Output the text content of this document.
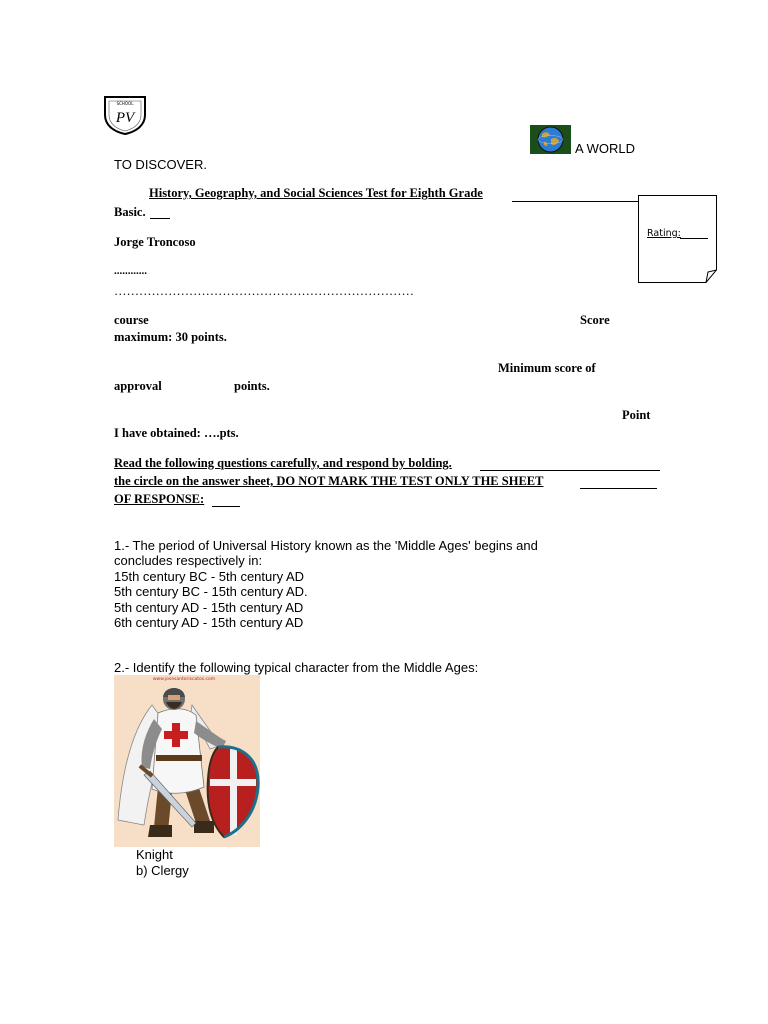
SCHOOL
PV
A WORLD
TO DISCOVER.
History, Geography, and Social Sciences Test for Eighth Grade
Basic.
Rating:
Jorge Troncoso
............
………………………………………………………………
course	Score
maximum: 30 points.
Minimum score of
approval	points.
Point
I have obtained: ….pts.
Read the following questions carefully, and respond by bolding.
the circle on the answer sheet, DO NOT MARK THE TEST ONLY THE SHEET
OF RESPONSE:
1.- The period of Universal History known as the 'Middle Ages' begins and
concludes respectively in:
15th century BC - 5th century AD
5th century BC - 15th century AD.
5th century AD - 15th century AD
6th century AD - 15th century AD
2.- Identify the following typical character from the Middle Ages:
www.josesantoriscatos.com
Knight
b) Clergy
